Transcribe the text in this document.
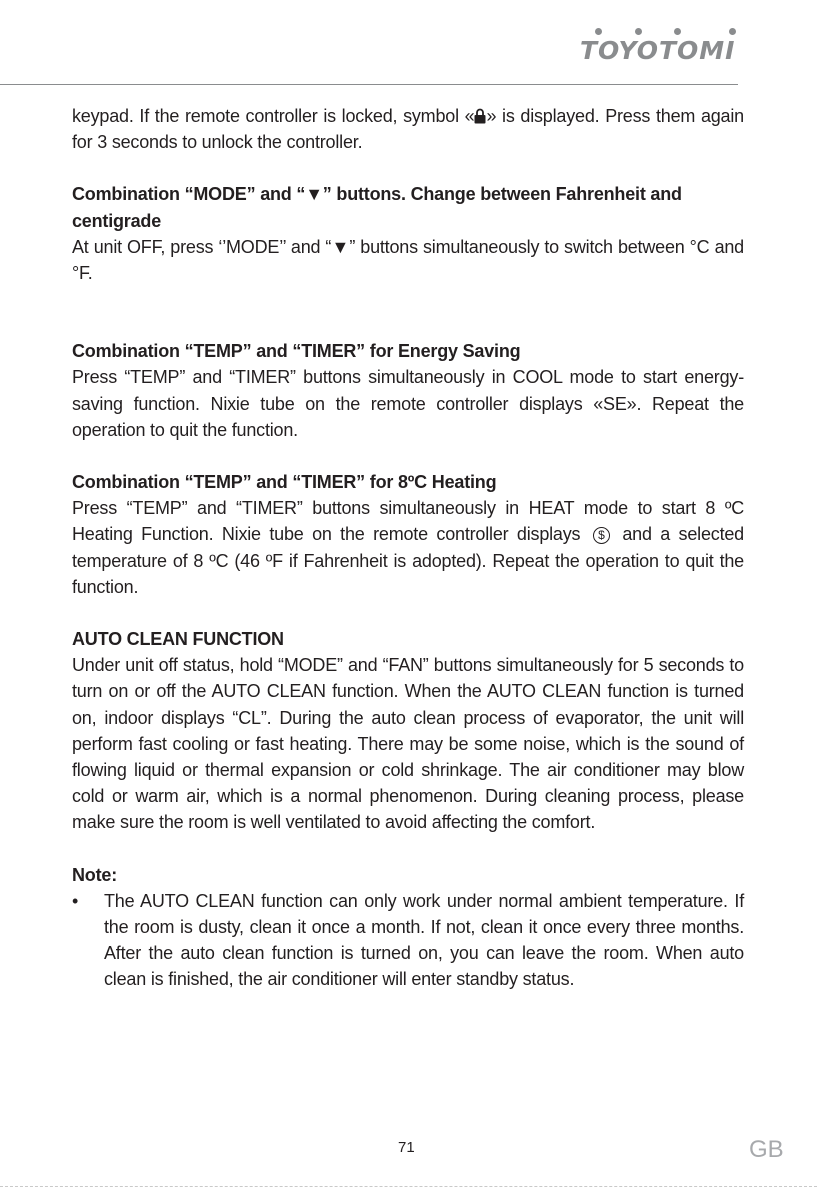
TOYOTOMI

keypad. If the remote controller is locked, symbol « » is displayed. Press them again for 3 seconds to unlock the controller.

Combination “MODE” and “▼” buttons. Change between Fahrenheit and centigrade

At unit OFF, press ‘’MODE’’ and “▼” buttons simultaneously to switch between °C and °F.

Combination “TEMP” and “TIMER” for Energy Saving

Press “TEMP” and “TIMER” buttons simultaneously in COOL mode to start energy-saving function. Nixie tube on the remote controller displays «SE». Repeat the operation to quit the function.

Combination “TEMP” and “TIMER” for 8ºC Heating

Press “TEMP” and “TIMER” buttons simultaneously in HEAT mode to start 8 ºC Heating Function. Nixie tube on the remote controller displays $ and a selected temperature of 8 ºC (46 ºF if Fahrenheit is adopted). Repeat the operation to quit the function.

AUTO CLEAN FUNCTION

Under unit off status, hold “MODE” and “FAN” buttons simultaneously for 5 seconds to turn on or off the AUTO CLEAN function. When the AUTO CLEAN function is turned on, indoor displays “CL”. During the auto clean process of evaporator, the unit will perform fast cooling or fast heating. There may be some noise, which is the sound of flowing liquid or thermal expansion or cold shrinkage. The air conditioner may blow cold or warm air, which is a normal phenomenon. During cleaning process, please make sure the room is well ventilated to avoid affecting the comfort.

Note:
• The AUTO CLEAN function can only work under normal ambient temperature. If the room is dusty, clean it once a month. If not, clean it once every three months. After the auto clean function is turned on, you can leave the room. When auto clean is finished, the air conditioner will enter standby status.
71	GB
